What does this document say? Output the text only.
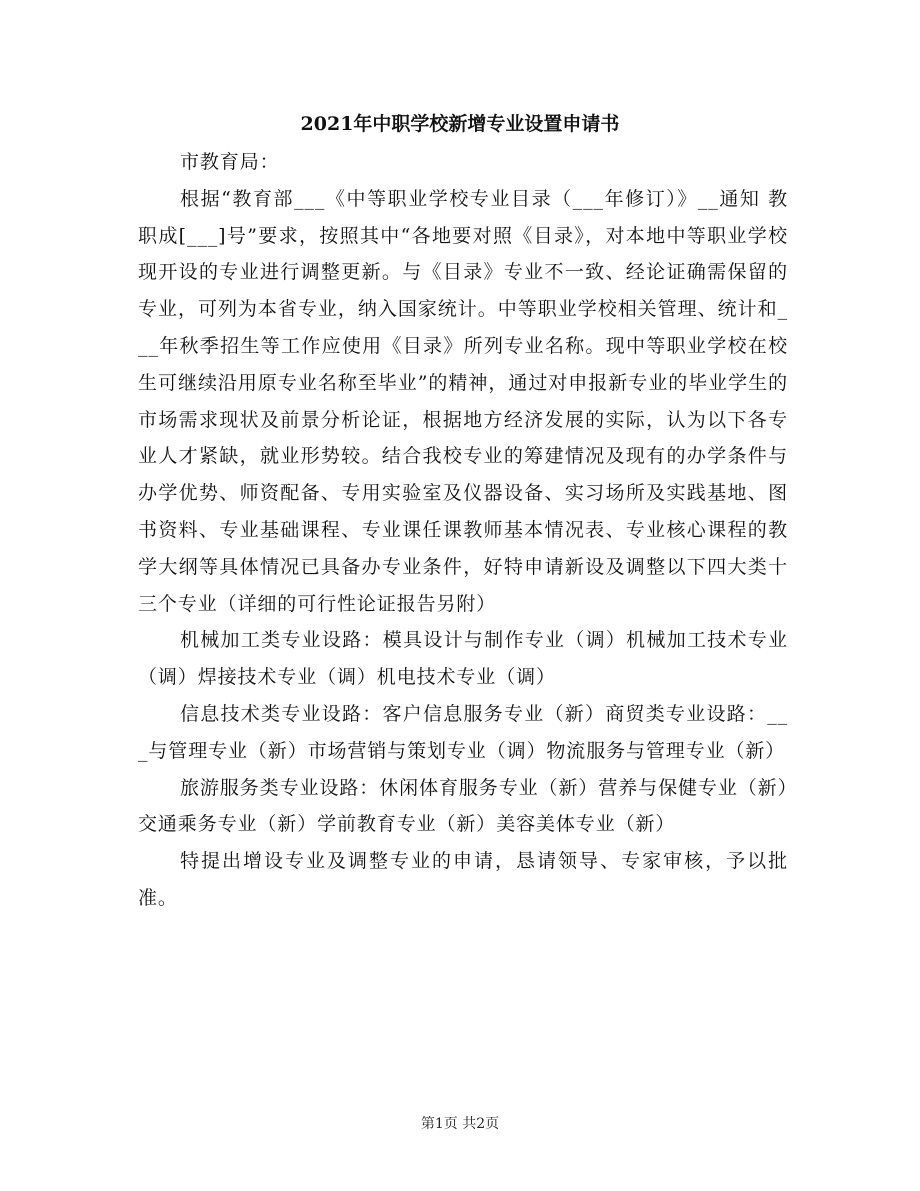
2021年中职学校新增专业设置申请书

市教育局：

根据“教育部___《中等职业学校专业目录（___年修订）》__通知 教职成[___]号”要求，按照其中“各地要对照《目录》，对本地中等职业学校现开设的专业进行调整更新。与《目录》专业不一致、经论证确需保留的专业，可列为本省专业，纳入国家统计。中等职业学校相关管理、统计和___年秋季招生等工作应使用《目录》所列专业名称。现中等职业学校在校生可继续沿用原专业名称至毕业”的精神，通过对申报新专业的毕业学生的市场需求现状及前景分析论证，根据地方经济发展的实际，认为以下各专业人才紧缺，就业形势较。结合我校专业的筹建情况及现有的办学条件与办学优势、师资配备、专用实验室及仪器设备、实习场所及实践基地、图书资料、专业基础课程、专业课任课教师基本情况表、专业核心课程的教学大纲等具体情况已具备办专业条件，好特申请新设及调整以下四大类十三个专业（详细的可行性论证报告另附）

机械加工类专业设路：模具设计与制作专业（调）机械加工技术专业（调）焊接技术专业（调）机电技术专业（调）

信息技术类专业设路：客户信息服务专业（新）商贸类专业设路：___与管理专业（新）市场营销与策划专业（调）物流服务与管理专业（新）

旅游服务类专业设路：休闲体育服务专业（新）营养与保健专业（新）交通乘务专业（新）学前教育专业（新）美容美体专业（新）

特提出增设专业及调整专业的申请，恳请领导、专家审核，予以批准。

第1页 共2页
